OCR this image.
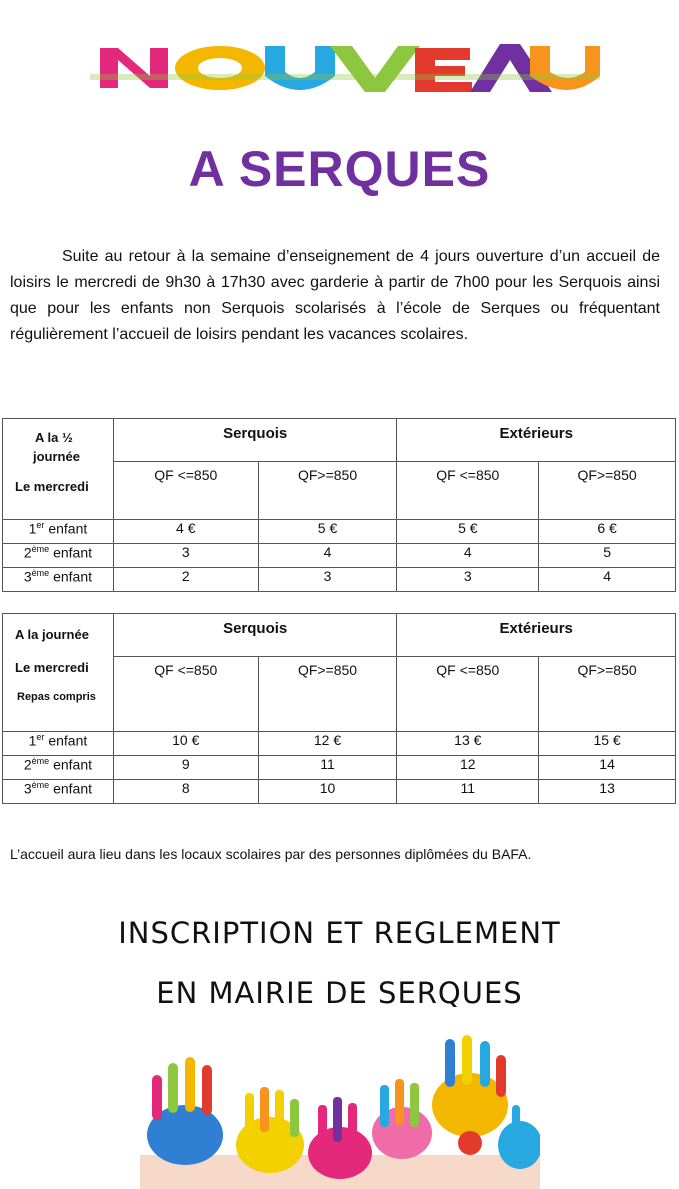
A SERQUES
Suite au retour à la semaine d’enseignement de 4 jours ouverture d’un accueil de loisirs le mercredi de 9h30 à 17h30 avec garderie à partir de 7h00 pour les Serquois ainsi que pour les enfants non Serquois scolarisés à l’école de Serques ou fréquentant régulièrement l’accueil de loisirs pendant les vacances scolaires.
A la ½
journée
Le mercredi	Serquois		Extérieurs	
	QF <=850	QF>=850	QF <=850	QF>=850
1er enfant	4 €	5 €	5 €	6 €
2ème enfant	3	4	4	5
3ème enfant	2	3	3	4
A la journée
Le mercredi
Repas compris	Serquois		Extérieurs	
	QF <=850	QF>=850	QF <=850	QF>=850
1er enfant	10 €	12 €	13 €	15 €
2ème enfant	9	11	12	14
3ème enfant	8	10	11	13
L’accueil aura lieu dans les locaux scolaires par des personnes diplômées du BAFA.
INSCRIPTION ET REGLEMENT
EN MAIRIE DE SERQUES
